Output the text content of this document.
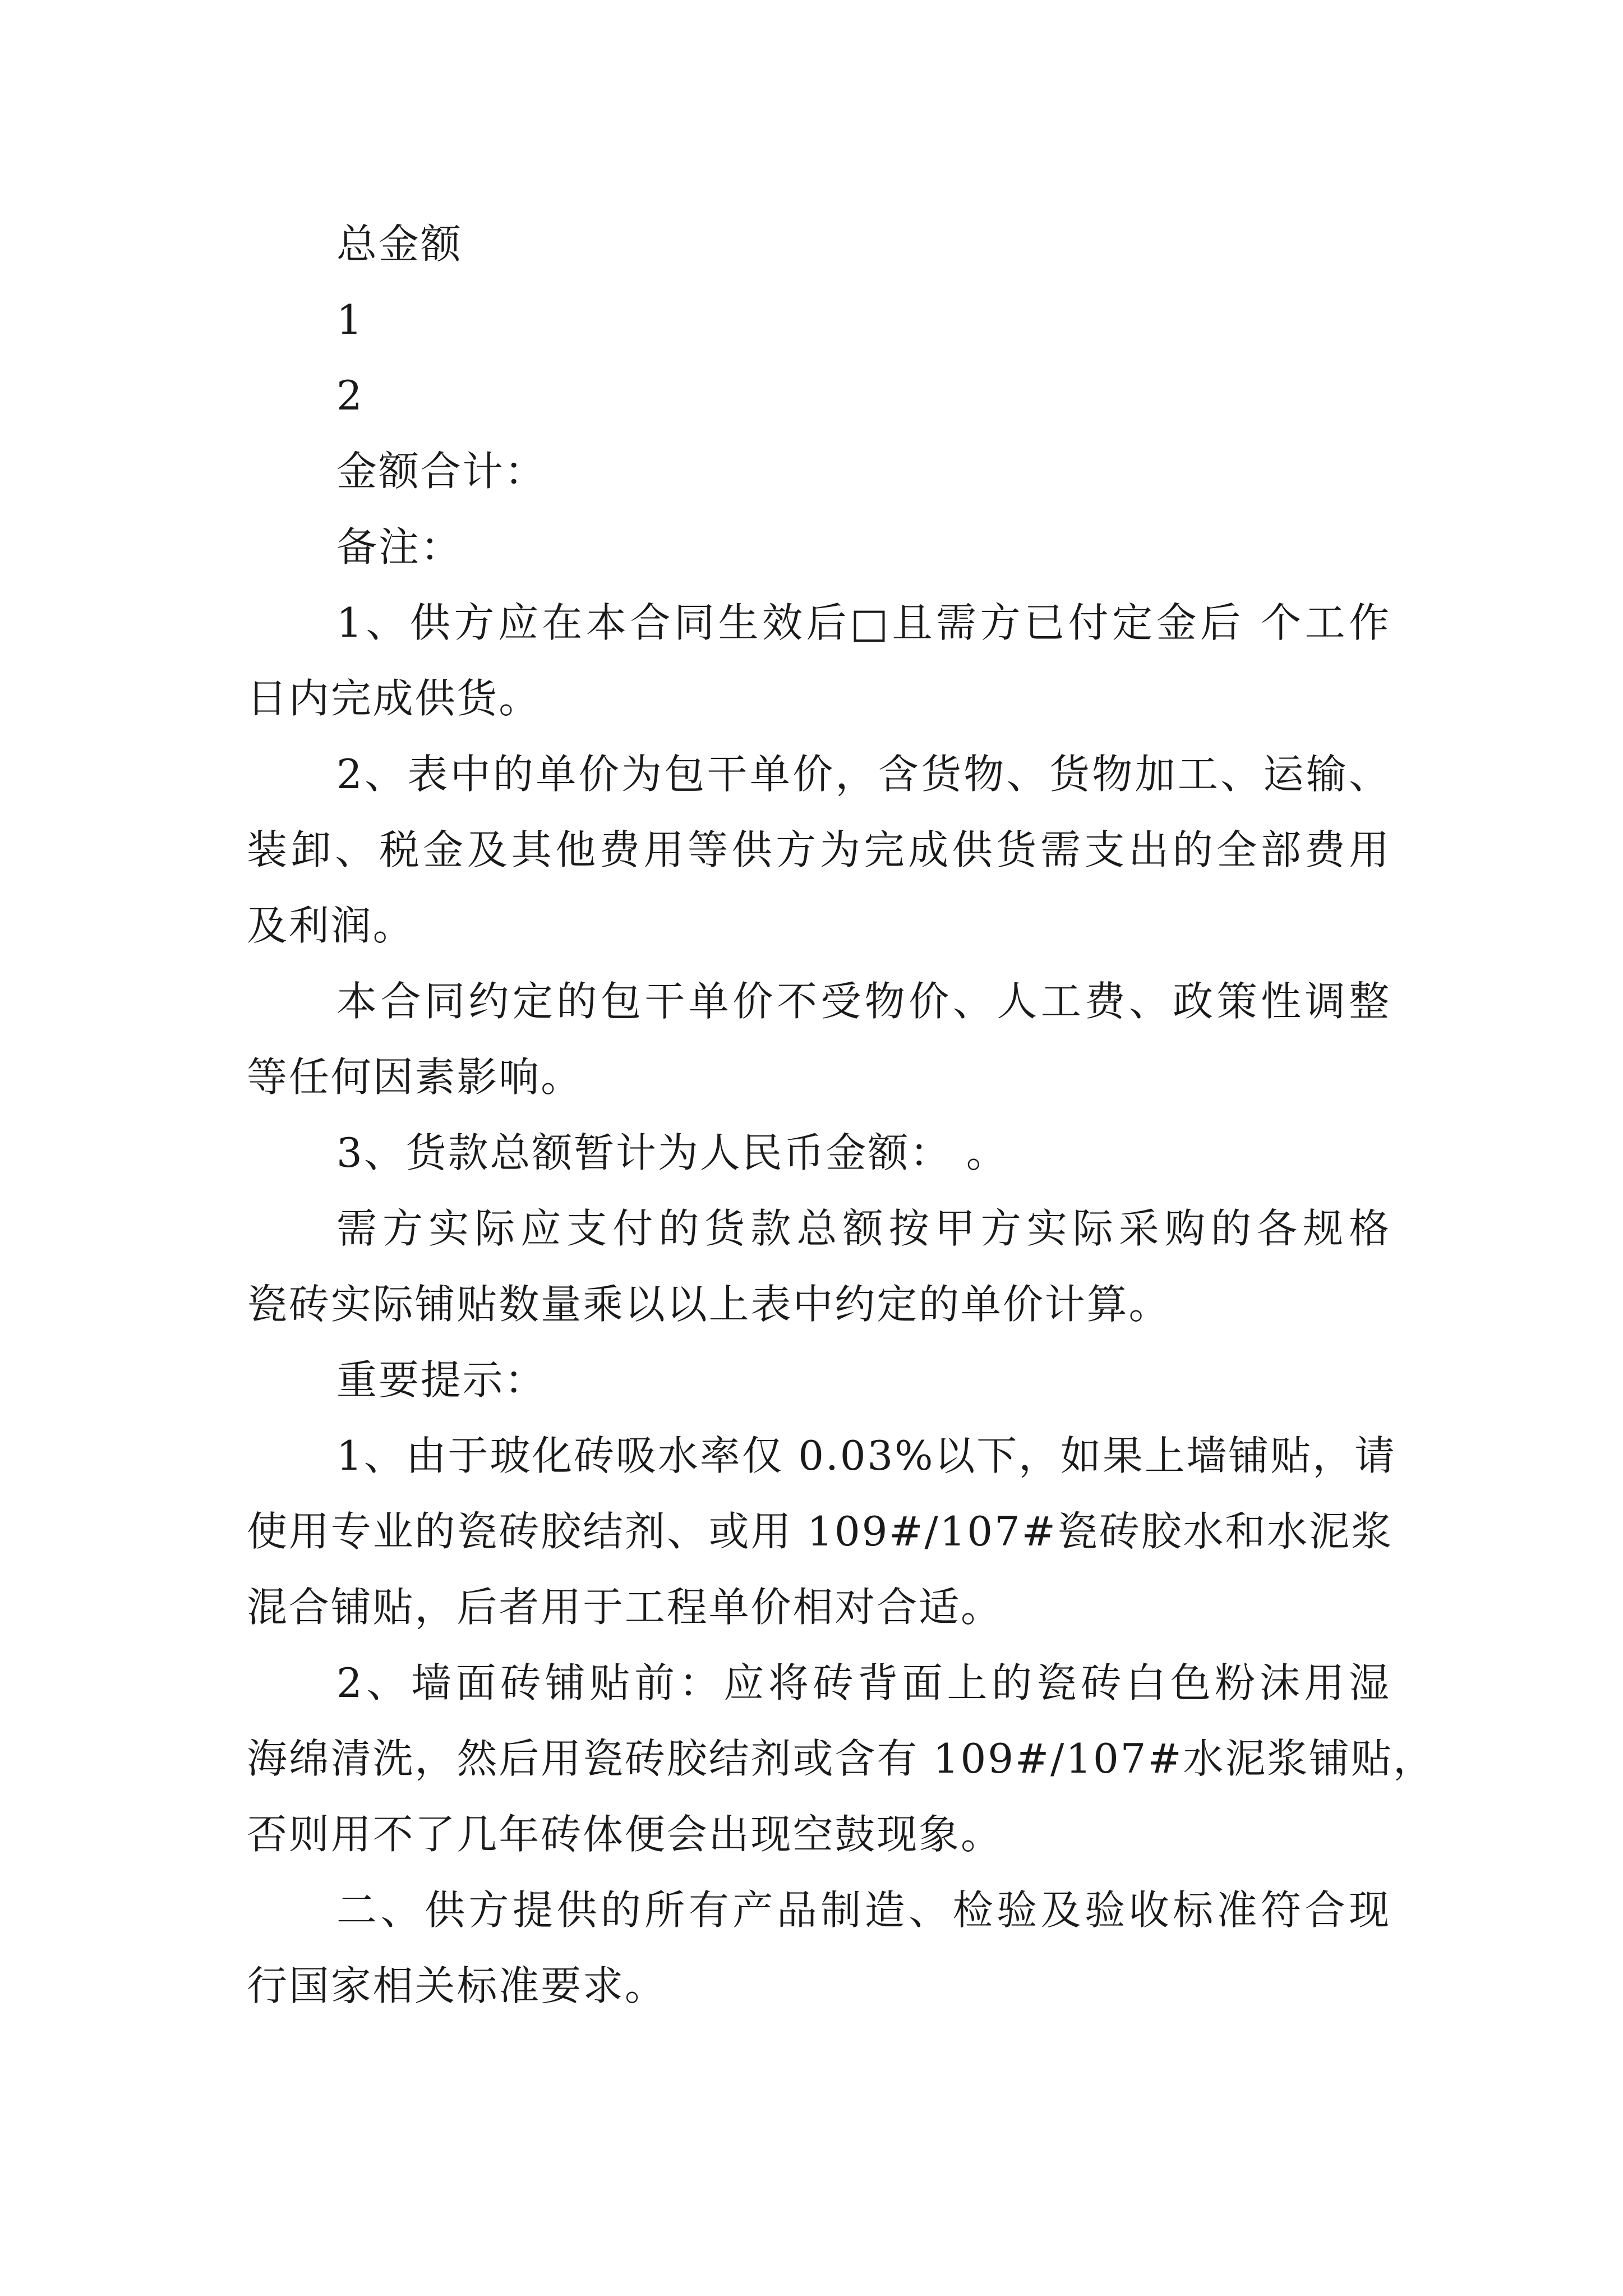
总金额
1
2
金额合计：
备注：
1、供方应在本合同生效后□且需方已付定金后 个工作
日内完成供货。
2、表中的单价为包干单价，含货物、货物加工、运输、
装卸、税金及其他费用等供方为完成供货需支出的全部费用
及利润。
本合同约定的包干单价不受物价、人工费、政策性调整
等任何因素影响。
3、货款总额暂计为人民币金额： 。
需方实际应支付的货款总额按甲方实际采购的各规格
瓷砖实际铺贴数量乘以以上表中约定的单价计算。
重要提示：
1、由于玻化砖吸水率仅 0.03%以下，如果上墙铺贴，请
使用专业的瓷砖胶结剂、或用 109#/107#瓷砖胶水和水泥浆
混合铺贴，后者用于工程单价相对合适。
2、墙面砖铺贴前：应将砖背面上的瓷砖白色粉沫用湿
海绵清洗，然后用瓷砖胶结剂或含有 109#/107#水泥浆铺贴，
否则用不了几年砖体便会出现空鼓现象。
二、供方提供的所有产品制造、检验及验收标准符合现
行国家相关标准要求。
